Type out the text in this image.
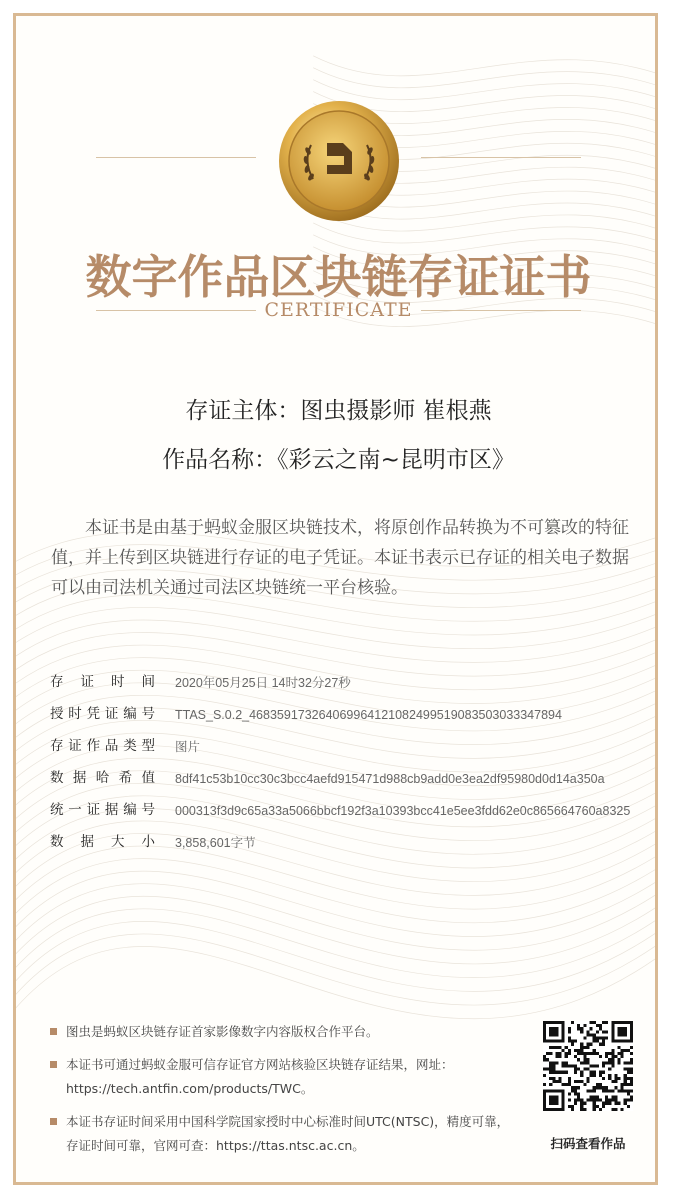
数字作品区块链存证证书
CERTIFICATE
存证主体：图虫摄影师 崔根燕
作品名称：《彩云之南~昆明市区》
本证书是由基于蚂蚁金服区块链技术，将原创作品转换为不可篡改的特征值，并上传到区块链进行存证的电子凭证。本证书表示已存证的相关电子数据可以由司法机关通过司法区块链统一平台核验。
存证时间 2020年05月25日 14时32分27秒
授时凭证编号 TTAS_S.0.2_468359173264069964121082499519083503033347894
存证作品类型 图片
数据哈希值 8df41c53b10cc30c3bcc4aefd915471d988cb9add0e3ea2df95980d0d14a350a
统一证据编号 000313f3d9c65a33a5066bbcf192f3a10393bcc41e5ee3fdd62e0c865664760a8325
数据大小 3,858,601字节
图虫是蚂蚁区块链存证首家影像数字内容版权合作平台。
本证书可通过蚂蚁金服可信存证官方网站核验区块链存证结果，网址：https://tech.antfin.com/products/TWC。
本证书存证时间采用中国科学院国家授时中心标准时间UTC(NTSC)，精度可靠，存证时间可靠，官网可查：https://ttas.ntsc.ac.cn。	扫码查看作品
